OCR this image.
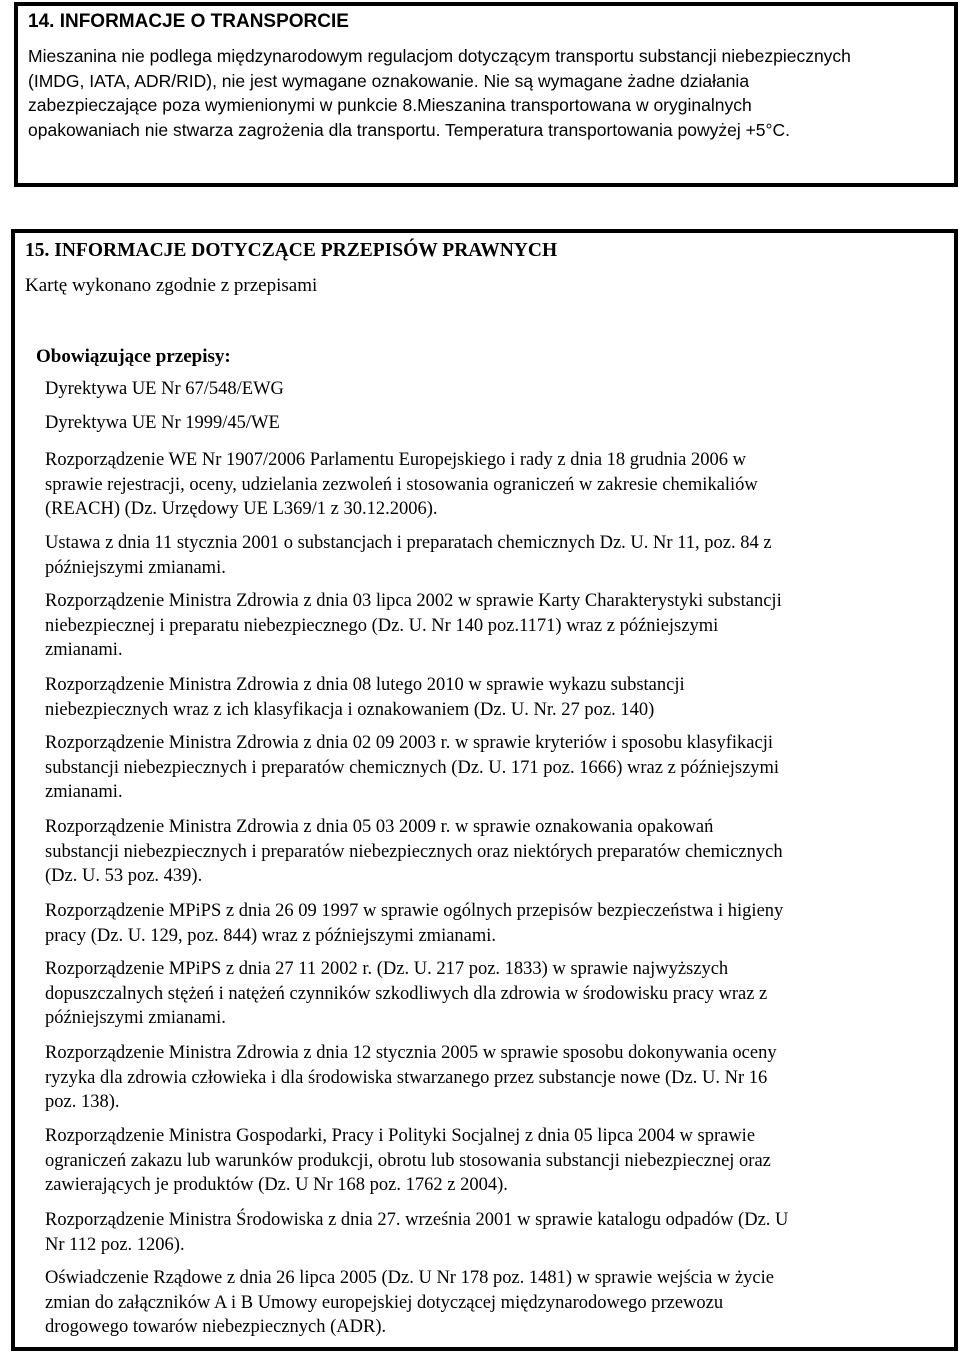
14. INFORMACJE O TRANSPORCIE
Mieszanina nie podlega międzynarodowym regulacjom dotyczącym transportu substancji niebezpiecznych
(IMDG, IATA, ADR/RID), nie jest wymagane oznakowanie. Nie są wymagane żadne działania
zabezpieczające poza wymienionymi w punkcie 8.Mieszanina transportowana w oryginalnych
opakowaniach nie stwarza zagrożenia dla transportu. Temperatura transportowania powyżej +5°C.
15. INFORMACJE DOTYCZĄCE PRZEPISÓW PRAWNYCH
Kartę wykonano zgodnie z przepisami
Obowiązujące przepisy:
Dyrektywa UE Nr 67/548/EWG
Dyrektywa UE Nr 1999/45/WE
Rozporządzenie WE Nr 1907/2006 Parlamentu Europejskiego i rady z dnia 18 grudnia 2006 w
sprawie rejestracji, oceny, udzielania zezwoleń i stosowania ograniczeń w zakresie chemikaliów
(REACH) (Dz. Urzędowy UE L369/1 z 30.12.2006).
Ustawa z dnia 11 stycznia 2001 o substancjach i preparatach chemicznych Dz. U. Nr 11, poz. 84 z
późniejszymi zmianami.
Rozporządzenie Ministra Zdrowia z dnia 03 lipca 2002 w sprawie Karty Charakterystyki substancji
niebezpiecznej i preparatu niebezpiecznego (Dz. U. Nr 140 poz.1171) wraz z późniejszymi
zmianami.
Rozporządzenie Ministra Zdrowia z dnia 08 lutego 2010 w sprawie wykazu substancji
niebezpiecznych wraz z ich klasyfikacja i oznakowaniem (Dz. U. Nr. 27 poz. 140)
Rozporządzenie Ministra Zdrowia z dnia 02 09 2003 r. w sprawie kryteriów i sposobu klasyfikacji
substancji niebezpiecznych i preparatów chemicznych (Dz. U. 171 poz. 1666) wraz z późniejszymi
zmianami.
Rozporządzenie Ministra Zdrowia z dnia 05 03 2009 r. w sprawie oznakowania opakowań
substancji niebezpiecznych i preparatów niebezpiecznych oraz niektórych preparatów chemicznych
(Dz. U. 53 poz. 439).
Rozporządzenie MPiPS z dnia 26 09 1997 w sprawie ogólnych przepisów bezpieczeństwa i higieny
pracy (Dz. U. 129, poz. 844) wraz z późniejszymi zmianami.
Rozporządzenie MPiPS z dnia 27 11 2002 r. (Dz. U. 217 poz. 1833) w sprawie najwyższych
dopuszczalnych stężeń i natężeń czynników szkodliwych dla zdrowia w środowisku pracy wraz z
późniejszymi zmianami.
Rozporządzenie Ministra Zdrowia z dnia 12 stycznia 2005 w sprawie sposobu dokonywania oceny
ryzyka dla zdrowia człowieka i dla środowiska stwarzanego przez substancje nowe (Dz. U. Nr 16
poz. 138).
Rozporządzenie Ministra Gospodarki, Pracy i Polityki Socjalnej z dnia 05 lipca 2004 w sprawie
ograniczeń zakazu lub warunków produkcji, obrotu lub stosowania substancji niebezpiecznej oraz
zawierających je produktów (Dz. U Nr 168 poz. 1762 z 2004).
Rozporządzenie Ministra Środowiska z dnia 27. września 2001 w sprawie katalogu odpadów (Dz. U
Nr 112 poz. 1206).
Oświadczenie Rządowe z dnia 26 lipca 2005 (Dz. U Nr 178 poz. 1481) w sprawie wejścia w życie
zmian do załączników A i B Umowy europejskiej dotyczącej międzynarodowego przewozu
drogowego towarów niebezpiecznych (ADR).
